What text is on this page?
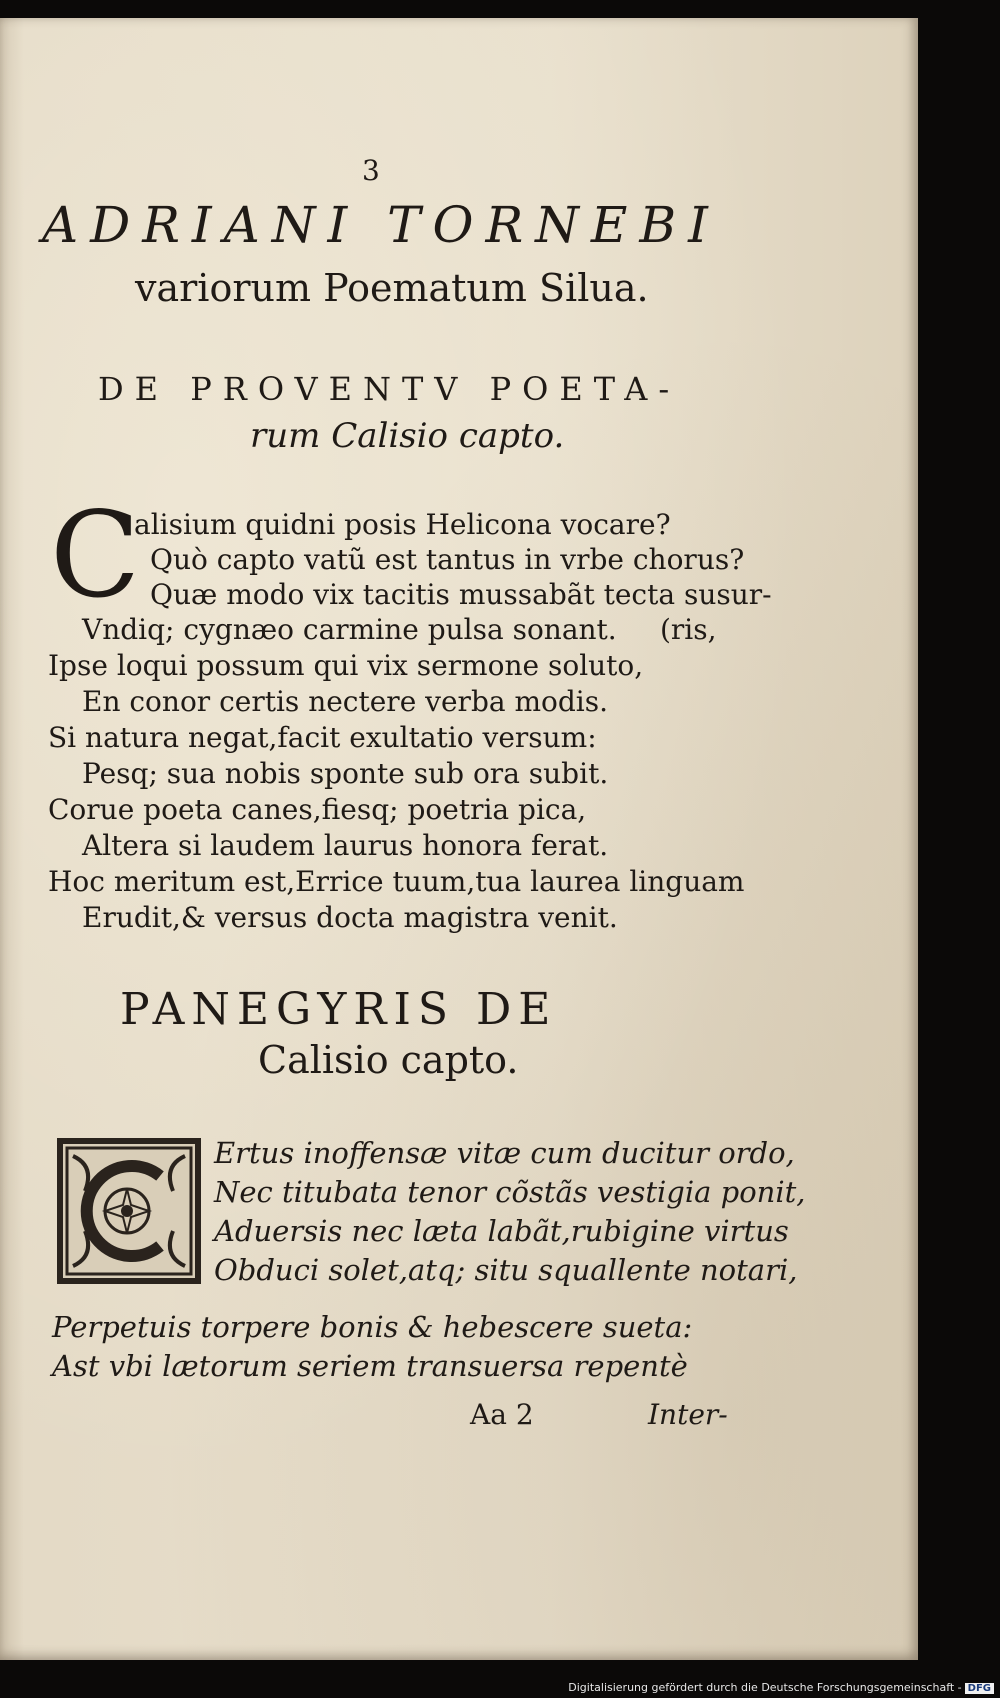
3
ADRIANI TORNEBI
variorum Poematum Silua.
DE PROVENTV POETA-
rum Calisio capto.
C
alisium quidni posis Helicona vocare?
Quò capto vatũ est tantus in vrbe chorus?
Quæ modo vix tacitis mussabãt tecta susur-
Vndiq; cygnæo carmine pulsa sonant. (ris,
Ipse loqui possum qui vix sermone soluto,
En conor certis nectere verba modis.
Si natura negat,facit exultatio versum:
Pesq; sua nobis sponte sub ora subit.
Corue poeta canes,fiesq; poetria pica,
Altera si laudem laurus honora ferat.
Hoc meritum est,Errice tuum,tua laurea linguam
Erudit,& versus docta magistra venit.
PANEGYRIS DE
Calisio capto.
Ertus inoffensæ vitæ cum ducitur ordo,
Nec titubata tenor cõstãs vestigia ponit,
Aduersis nec læta labãt,rubigine virtus
Obduci solet,atq; situ squallente notari,
Perpetuis torpere bonis & hebescere sueta:
Ast vbi lætorum seriem transuersa repentè
Aa 2	Inter-
Digitalisierung gefördert durch die Deutsche Forschungsgemeinschaft - DFG
